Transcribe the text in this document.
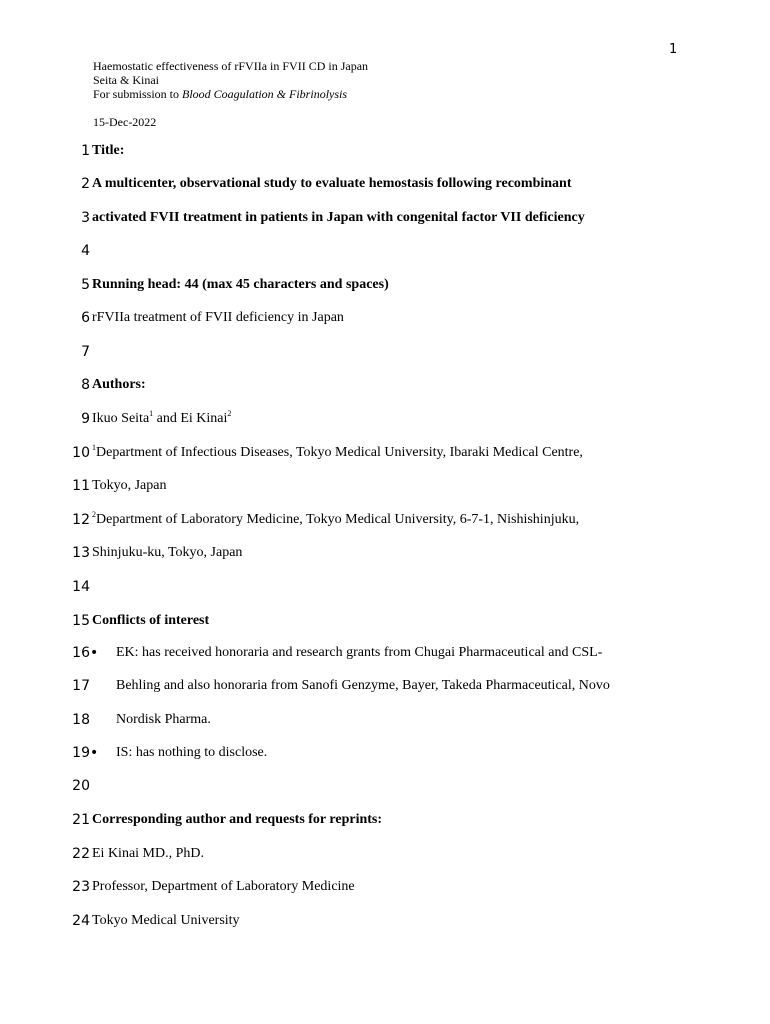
1
Haemostatic effectiveness of rFVIIa in FVII CD in Japan
Seita & Kinai
For submission to Blood Coagulation & Fibrinolysis
15-Dec-2022
1 Title:
2 A multicenter, observational study to evaluate hemostasis following recombinant
3 activated FVII treatment in patients in Japan with congenital factor VII deficiency
4
5 Running head: 44 (max 45 characters and spaces)
6 rFVIIa treatment of FVII deficiency in Japan
7
8 Authors:
9 Ikuo Seita$^1$ and Ei Kinai$^2$
10 $^1$Department of Infectious Diseases, Tokyo Medical University, Ibaraki Medical Centre,
11 Tokyo, Japan
12 $^2$Department of Laboratory Medicine, Tokyo Medical University, 6-7-1, Nishishinjuku,
13 Shinjuku-ku, Tokyo, Japan
14
15 Conflicts of interest
16 • EK: has received honoraria and research grants from Chugai Pharmaceutical and CSL-
17 Behling and also honoraria from Sanofi Genzyme, Bayer, Takeda Pharmaceutical, Novo
18 Nordisk Pharma.
19 • IS: has nothing to disclose.
20
21 Corresponding author and requests for reprints:
22 Ei Kinai MD., PhD.
23 Professor, Department of Laboratory Medicine
24 Tokyo Medical University
